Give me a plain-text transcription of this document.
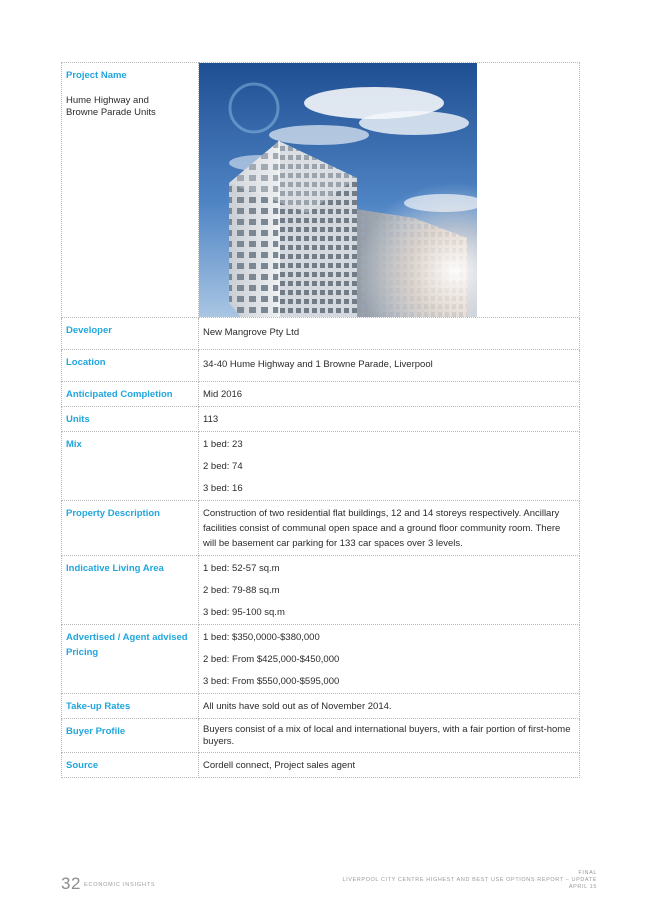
Project Name
Hume Highway and Browne Parade Units

Developer	New Mangrove Pty Ltd

Location	34-40 Hume Highway and 1 Browne Parade, Liverpool

Anticipated Completion	Mid 2016
Units	113
Mix	1 bed: 23
2 bed: 74
3 bed: 16

Property Description	Construction of two residential flat buildings, 12 and 14 storeys respectively. Ancillary facilities consist of communal open space and a ground floor community room. There will be basement car parking for 133 car spaces over 3 levels.
Indicative Living Area	1 bed: 52-57 sq.m
2 bed: 79-88 sq.m
3 bed: 95-100 sq.m

Advertised / Agent advised Pricing	1 bed: $350,0000-$380,000
2 bed: From $425,000-$450,000
3 bed: From $550,000-$595,000

Take-up Rates	All units have sold out as of November 2014.
Buyer Profile	Buyers consist of a mix of local and international buyers, with a fair portion of first-home buyers.
Source	Cordell connect, Project sales agent
32 ECONOMIC INSIGHTS
FINAL
LIVERPOOL CITY CENTRE HIGHEST AND BEST USE OPTIONS REPORT – UPDATE
APRIL 15
